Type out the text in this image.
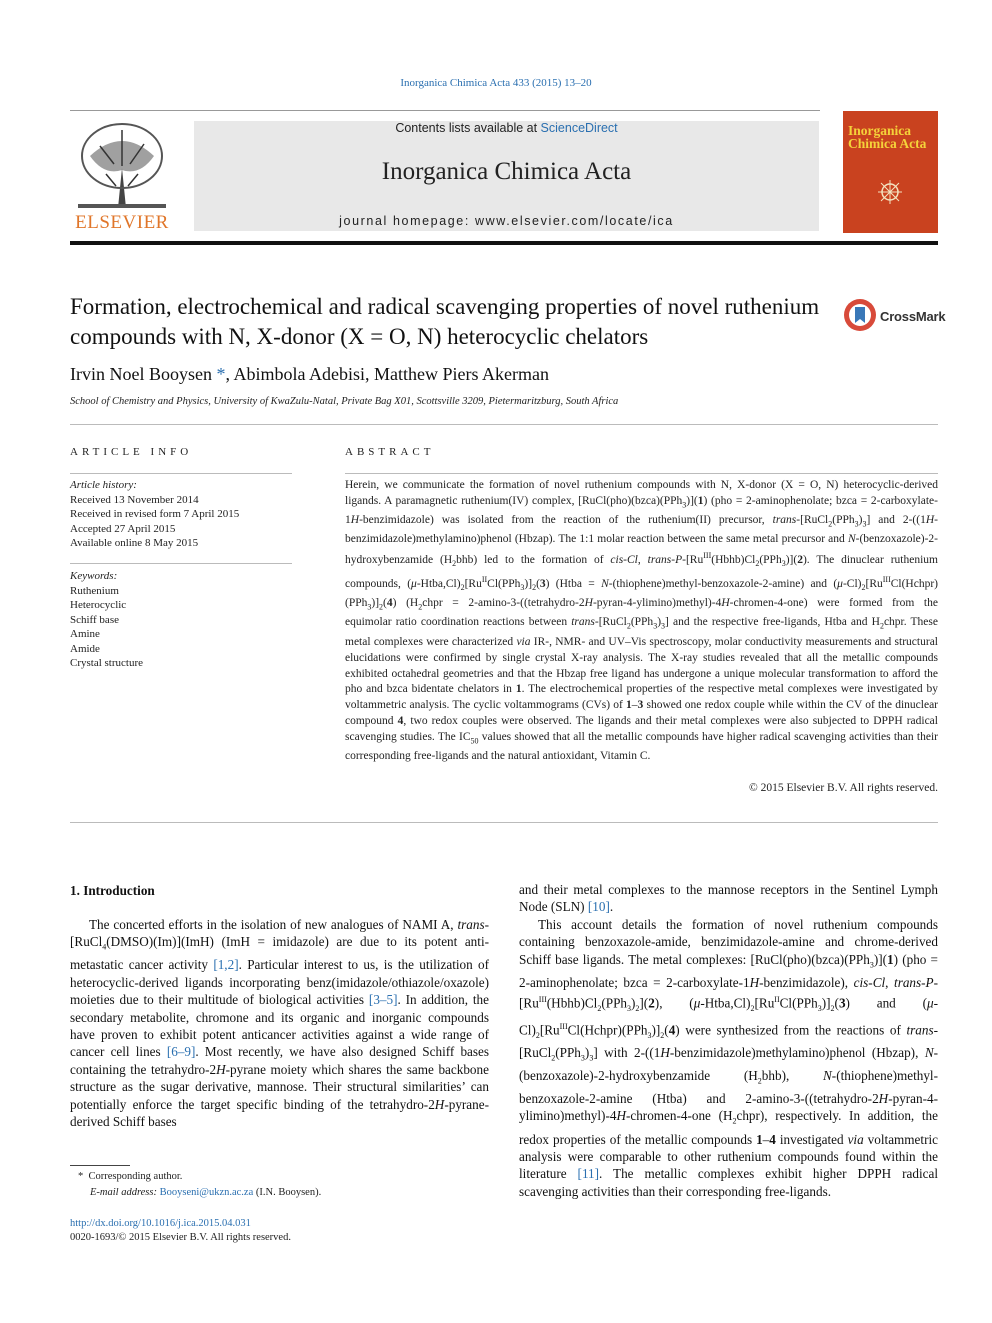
Inorganica Chimica Acta 433 (2015) 13–20
ELSEVIER
Contents lists available at ScienceDirect
Inorganica Chimica Acta
journal homepage: www.elsevier.com/locate/ica
Inorganica
Chimica Acta
Formation, electrochemical and radical scavenging properties of novel ruthenium compounds with N, X-donor (X = O, N) heterocyclic chelators
CrossMark
Irvin Noel Booysen *, Abimbola Adebisi, Matthew Piers Akerman
School of Chemistry and Physics, University of KwaZulu-Natal, Private Bag X01, Scottsville 3209, Pietermaritzburg, South Africa
ARTICLE INFO
Article history:
Received 13 November 2014
Received in revised form 7 April 2015
Accepted 27 April 2015
Available online 8 May 2015
Keywords:
Ruthenium
Heterocyclic
Schiff base
Amine
Amide
Crystal structure
ABSTRACT
Herein, we communicate the formation of novel ruthenium compounds with N, X-donor (X = O, N) heterocyclic-derived ligands. A paramagnetic ruthenium(IV) complex, [RuCl(pho)(bzca)(PPh$_3$)](1) (pho = 2-aminophenolate; bzca = 2-carboxylate-1H-benzimidazole) was isolated from the reaction of the ruthenium(II) precursor, trans-$[RuCl_2(PPh_3)_3]$ and 2-((1H-benzimidazole)methylamino)phenol (Hbzap). The 1:1 molar reaction between the same metal precursor and N-(benzoxazole)-2-hydroxybenzamide $(H_2bhb)$ led to the formation of cis-Cl, trans-$P-[Ru^{III}(Hbhb)Cl_2(PPh_3)](2)$. The dinuclear ruthenium compounds, $(\mu-Htba,Cl)_2[Ru^{II}Cl(PPh_3)]_2(3)$ (Htba = N-(thiophene)methyl-benzoxazole-2-amine) and $(\mu-Cl)_2[Ru^{III}Cl(Hchpr)(PPh_3)]_2(4)$ ($H_2chpr$ = 2-amino-3-((tetrahydro-2H-pyran-4-ylimino)methyl)-4H-chromen-4-one) were formed from the equimolar ratio coordination reactions between trans-$[RuCl_2(PPh_3)_3]$ and the respective free-ligands, Htba and $H_2chpr$. These metal complexes were characterized via IR-, NMR- and UV–Vis spectroscopy, molar conductivity measurements and structural elucidations were confirmed by single crystal X-ray analysis. The X-ray studies revealed that all the metallic compounds exhibited octahedral geometries and that the Hbzap free ligand has undergone a unique molecular transformation to afford the pho and bzca bidentate chelators in 1. The electrochemical properties of the respective metal complexes were investigated by voltammetric analysis. The cyclic voltammograms (CVs) of 1–3 showed one redox couple while within the CV of the dinuclear compound 4, two redox couples were observed. The ligands and their metal complexes were also subjected to DPPH radical scavenging studies. The $IC_{50}$ values showed that all the metallic compounds have higher radical scavenging activities than their corresponding free-ligands and the natural antioxidant, Vitamin C.
© 2015 Elsevier B.V. All rights reserved.
1. Introduction

The concerted efforts in the isolation of new analogues of NAMI A, trans-[RuCl$_4$(DMSO)(Im)](ImH) (ImH = imidazole) are due to its potent anti-metastatic cancer activity [1,2]. Particular interest to us, is the utilization of heterocyclic-derived ligands incorporating benz(imidazole/othiazole/oxazole) moieties due to their multitude of biological activities [3–5]. In addition, the secondary metabolite, chromone and its organic and inorganic compounds have proven to exhibit potent anticancer activities against a wide range of cancer cell lines [6–9]. Most recently, we have also designed Schiff bases containing the tetrahydro-2H-pyrane moiety which shares the same backbone structure as the sugar derivative, mannose. Their structural similarities’ can potentially enforce the target specific binding of the tetrahydro-2H-pyrane-derived Schiff bases

and their metal complexes to the mannose receptors in the Sentinel Lymph Node (SLN) [10].

This account details the formation of novel ruthenium compounds containing benzoxazole-amide, benzimidazole-amine and chrome-derived Schiff base ligands. The metal complexes: [RuCl(pho)(bzca)(PPh$_3$)](1) (pho = 2-aminophenolate; bzca = 2-carboxylate-1H-benzimidazole), cis-Cl, trans-$P-[Ru^{III}(Hbhb)Cl_2(PPh_3)_2](2)$, $(\mu-Htba,Cl)_2[Ru^{II}Cl(PPh_3)]_2(3)$ and $(\mu-Cl)_2[Ru^{III}Cl(Hchpr)(PPh_3)]_2(4)$ were synthesized from the reactions of trans-$[RuCl_2(PPh_3)_3]$ with 2-((1H-benzimidazole)methylamino)phenol (Hbzap), N-(benzoxazole)-2-hydroxybenzamide $(H_2bhb)$, N-(thiophene)methyl-benzoxazole-2-amine (Htba) and 2-amino-3-((tetrahydro-2H-pyran-4-ylimino)methyl)-4H-chromen-4-one $(H_2chpr)$, respectively. In addition, the redox properties of the metallic compounds 1–4 investigated via voltammetric analysis were comparable to other ruthenium compounds found within the literature [11]. The metallic complexes exhibit higher DPPH radical scavenging activities than their corresponding free-ligands.

* Corresponding author.
E-mail address: Booyseni@ukzn.ac.za (I.N. Booysen).
http://dx.doi.org/10.1016/j.ica.2015.04.031
0020-1693/© 2015 Elsevier B.V. All rights reserved.
